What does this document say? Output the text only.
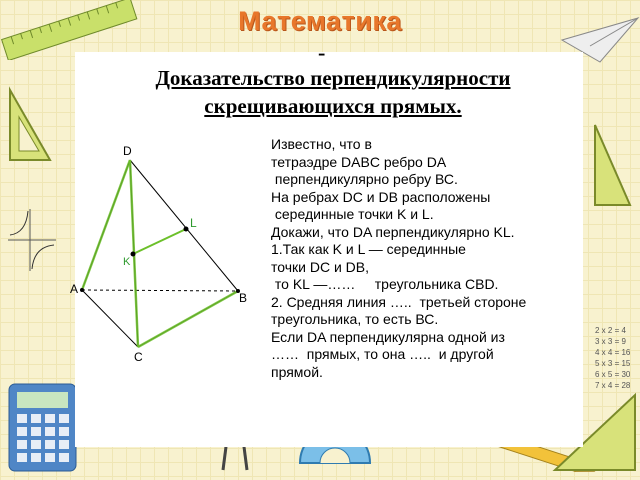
2 x 2 = 4
3 x 3 = 9
4 x 4 = 16
5 x 3 = 15
6 x 5 = 30
7 x 4 = 28
Математика
-
Доказательство перпендикулярности
скрещивающихся прямых.
D
L
K
A
B
C
Известно, что в
тетраэдре DABC ребро DA
перпендикулярно ребру ВС.
На ребрах DC и DB расположены
серединные точки K и L.
Докажи, что DA перпендикулярно KL.
1.Так как K и L — серединные
точки DC и DB,
то KL —……     треугольника CBD.
2. Средняя линия …..  третьей стороне
треугольника, то есть ВС.
Если DA перпендикулярна одной из
……  прямых, то она …..  и другой
прямой.
